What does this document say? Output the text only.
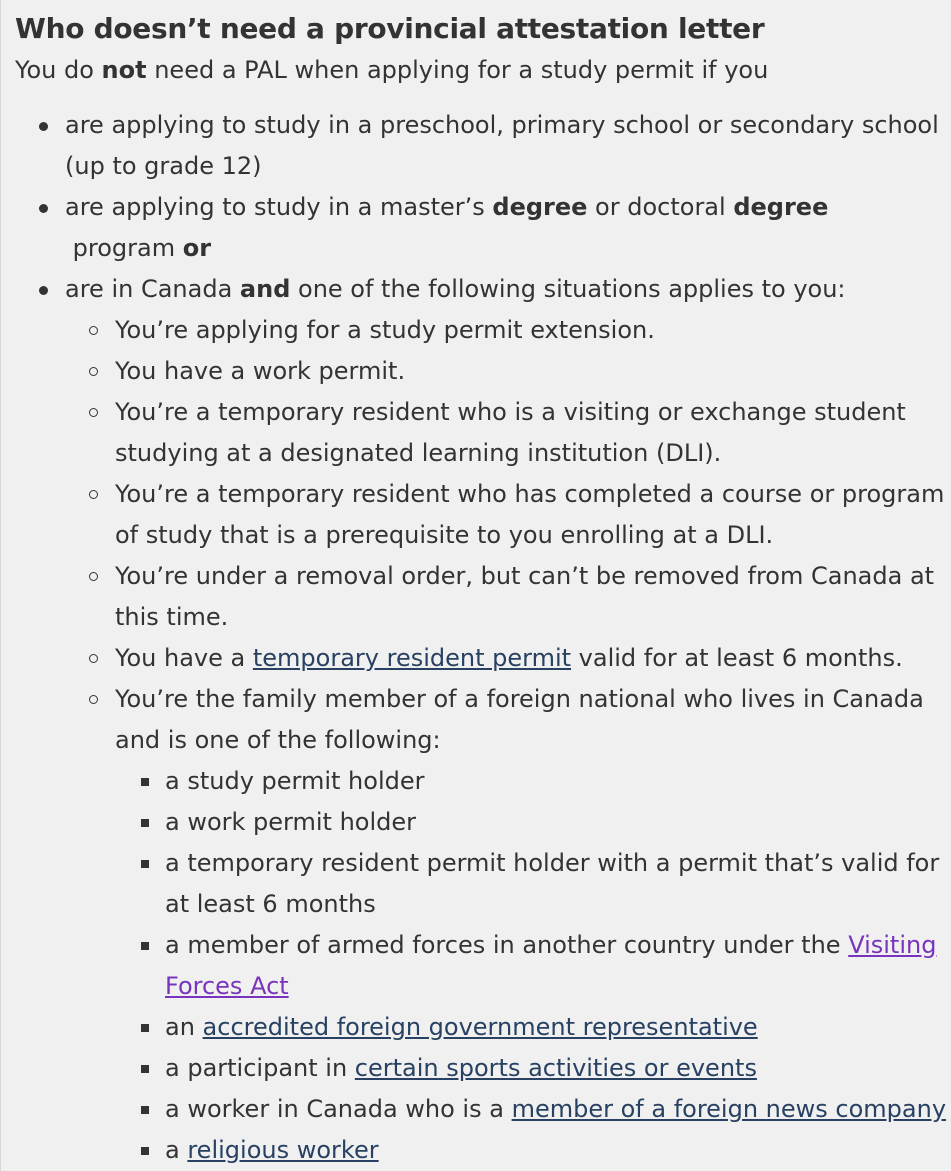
Who doesn’t need a provincial attestation letter

You do not need a PAL when applying for a study permit if you

are applying to study in a preschool, primary school or secondary school (up to grade 12)
are applying to study in a master’s degree or doctoral degree program or
are in Canada and one of the following situations applies to you:
You’re applying for a study permit extension.
You have a work permit.
You’re a temporary resident who is a visiting or exchange student studying at a designated learning institution (DLI).
You’re a temporary resident who has completed a course or program of study that is a prerequisite to you enrolling at a DLI.
You’re under a removal order, but can’t be removed from Canada at this time.
You have a temporary resident permit valid for at least 6 months.
You’re the family member of a foreign national who lives in Canada and is one of the following:
a study permit holder
a work permit holder
a temporary resident permit holder with a permit that’s valid for at least 6 months
a member of armed forces in another country under the Visiting Forces Act
an accredited foreign government representative
a participant in certain sports activities or events
a worker in Canada who is a member of a foreign news company
a religious worker
